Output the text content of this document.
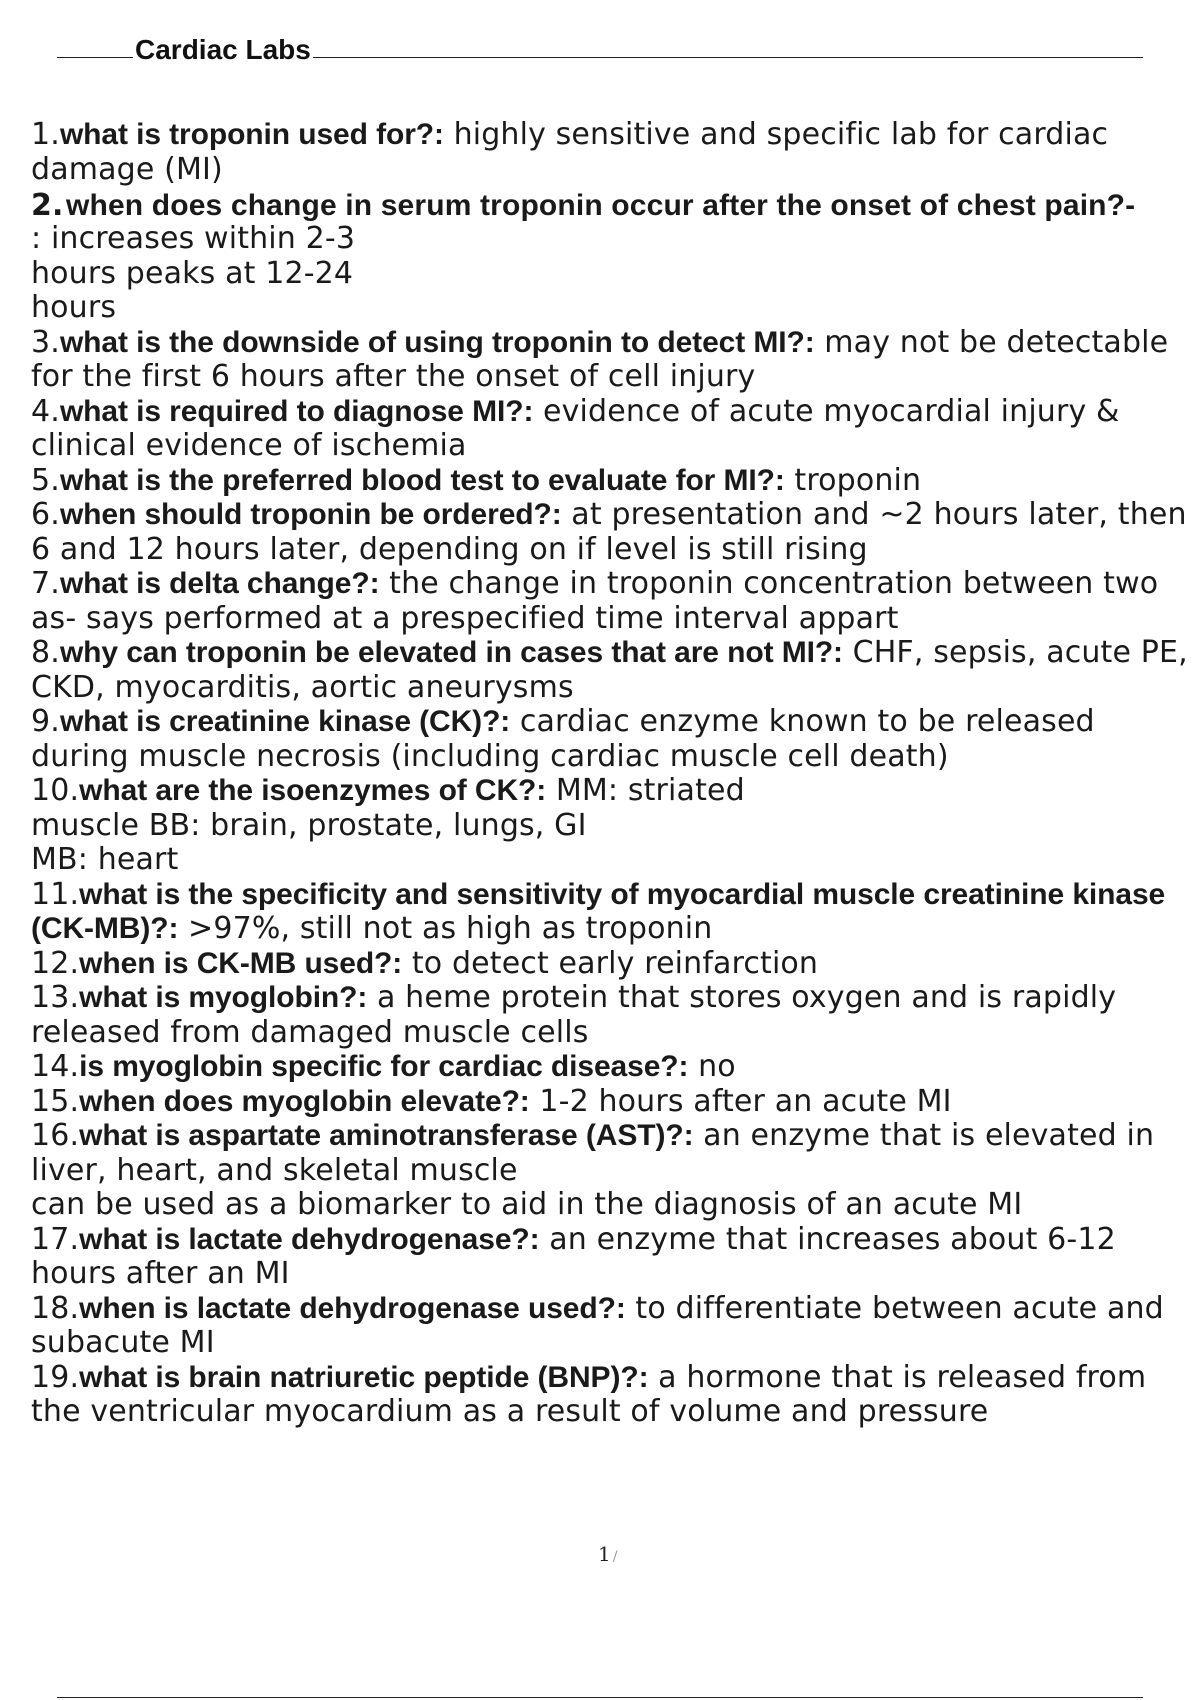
Cardiac Labs

1.what is troponin used for?: highly sensitive and specific lab for cardiac damage (MI)

2.when does change in serum troponin occur after the onset of chest pain?-
: increases within 2-3
hours peaks at 12-24
hours

3.what is the downside of using troponin to detect MI?: may not be detectable for the first 6 hours after the onset of cell injury

4.what is required to diagnose MI?: evidence of acute myocardial injury & clinical evidence of ischemia

5.what is the preferred blood test to evaluate for MI?: troponin

6.when should troponin be ordered?: at presentation and ~2 hours later, then 6 and 12 hours later, depending on if level is still rising

7.what is delta change?: the change in troponin concentration between two as- says performed at a prespecified time interval appart

8.why can troponin be elevated in cases that are not MI?: CHF, sepsis, acute PE, CKD, myocarditis, aortic aneurysms

9.what is creatinine kinase (CK)?: cardiac enzyme known to be released during muscle necrosis (including cardiac muscle cell death)

10.what are the isoenzymes of CK?: MM: striated

muscle BB: brain, prostate, lungs, GI
MB: heart

11.what is the specificity and sensitivity of myocardial muscle creatinine kinase (CK-MB)?: >97%, still not as high as troponin

12.when is CK-MB used?: to detect early reinfarction

13.what is myoglobin?: a heme protein that stores oxygen and is rapidly released from damaged muscle cells

14.is myoglobin specific for cardiac disease?: no

15.when does myoglobin elevate?: 1-2 hours after an acute MI

16.what is aspartate aminotransferase (AST)?: an enzyme that is elevated in liver, heart, and skeletal muscle

can be used as a biomarker to aid in the diagnosis of an acute MI

17.what is lactate dehydrogenase?: an enzyme that increases about 6-12 hours after an MI

18.when is lactate dehydrogenase used?: to differentiate between acute and subacute MI

19.what is brain natriuretic peptide (BNP)?: a hormone that is released from the ventricular myocardium as a result of volume and pressure

1 /
